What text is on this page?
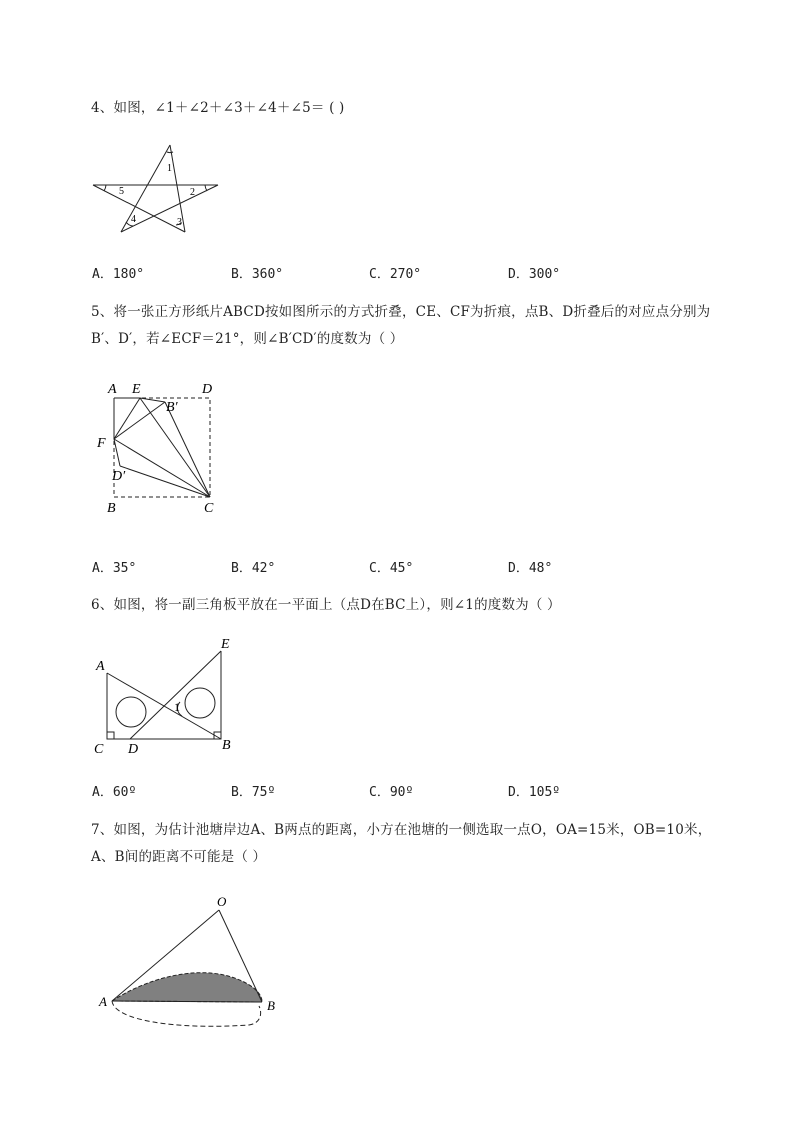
4、如图，∠1＋∠2＋∠3＋∠4＋∠5＝ ( )
1
2
3
4
5
A．180°	B．360°	C．270°	D．300°
5、将一张正方形纸片ABCD按如图所示的方式折叠，CE、CF为折痕，点B、D折叠后的对应点分别为
B′、D′，若∠ECF＝21°，则∠B′CD′的度数为（ ）
A E	D
B′
F
D′
B	C
A．35°	B．42°	C．45°	D．48°
6、如图，将一副三角板平放在一平面上（点D在BC上），则∠1的度数为（ ）
A
E
1
C D	B
A．60º	B．75º	C．90º	D．105º
7、如图，为估计池塘岸边A、B两点的距离，小方在池塘的一侧选取一点O，OA=15米，OB=10米，
A、B间的距离不可能是（ ）
O
A	B
